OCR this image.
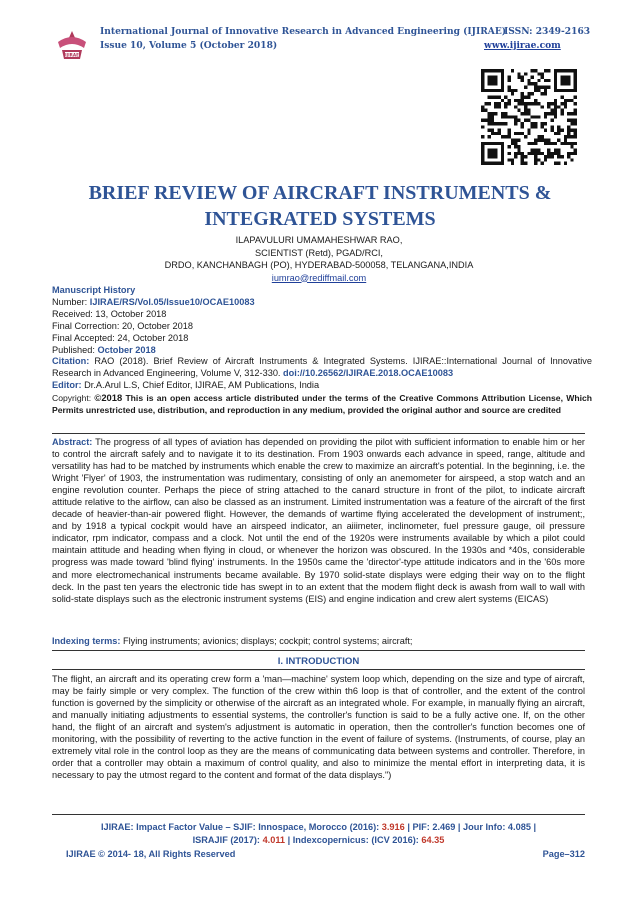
IJIRAE
International Journal of Innovative Research in Advanced Engineering (IJIRAE)
ISSN: 2349-2163
Issue 10, Volume 5 (October 2018)	www.ijirae.com
BRIEF REVIEW OF AIRCRAFT INSTRUMENTS &
INTEGRATED SYSTEMS
ILAPAVULURI UMAMAHESHWAR RAO,
SCIENTIST (Retd), PGAD/RCI,
DRDO, KANCHANBAGH (PO), HYDERABAD-500058, TELANGANA,INDIA
iumrao@rediffmail.com

Manuscript History

Number: IJIRAE/RS/Vol.05/Issue10/OCAE10083

Received: 13, October 2018

Final Correction: 20, October 2018

Final Accepted: 24, October 2018

Published: October 2018

Citation: RAO (2018). Brief Review of Aircraft Instruments & Integrated Systems. IJIRAE::International Journal of Innovative Research in Advanced Engineering, Volume V, 312-330. doi://10.26562/IJIRAE.2018.OCAE10083

Editor: Dr.A.Arul L.S, Chief Editor, IJIRAE, AM Publications, India

Copyright: ©2018 This is an open access article distributed under the terms of the Creative Commons Attribution License, Which Permits unrestricted use, distribution, and reproduction in any medium, provided the original author and source are credited

Abstract: The progress of all types of aviation has depended on providing the pilot with sufficient information to enable him or her to control the aircraft safely and to navigate it to its destination. From 1903 onwards each advance in speed, range, altitude and versatility has had to be matched by instruments which enable the crew to maximize an aircraft's potential. In the beginning, i.e. the Wright 'Flyer' of 1903, the instrumentation was rudimentary, consisting of only an anemometer for airspeed, a stop watch and an engine revolution counter. Perhaps the piece of string attached to the canard structure in front of the pilot, to indicate aircraft attitude relative to the airflow, can also be classed as an instrument. Limited instrumentation was a feature of the aircraft of the first decade of heavier-than-air powered flight. However, the demands of wartime flying accelerated the development of instrument;, and by 1918 a typical cockpit would have an airspeed indicator, an aiiimeter, inclinometer, fuel pressure gauge, oil pressure indicator, rpm indicator, compass and a clock. Not until the end of the 1920s were instruments available by which a pilot could maintain attitude and heading when flying in cloud, or whenever the horizon was obscured. In the 1930s and *40s, considerable progress was made toward 'blind flying' instruments. In the 1950s came the 'director'-type attitude indicators and in the '60s more and more electromechanical instruments became available. By 1970 solid-state displays were edging their way on to the flight deck. In the past ten years the electronic tide has swept in to an extent that the modem flight deck is awash from wall to wall with solid-state displays such as the electronic instrument systems (EIS) and engine indication and crew alert systems (EICAS)
Indexing terms: Flying instruments; avionics; displays; cockpit; control systems; aircraft;
I. INTRODUCTION
The flight, an aircraft and its operating crew form a 'man—machine' system loop which, depending on the size and type of aircraft, may be fairly simple or very complex. The function of the crew within th6 loop is that of controller, and the extent of the control function is governed by the simplicity or otherwise of the aircraft as an integrated whole. For example, in manually flying an aircraft, and manually initiating adjustments to essential systems, the controller's function is said to be a fully active one. If, on the other hand, the flight of an aircraft and system's adjustment is automatic in operation, then the controller's function becomes one of monitoring, with the possibility of reverting to the active function in the event of failure of systems. (Instruments, of course, play an extremely vital role in the control loop as they are the means of communicating data between systems and controller. Therefore, in order that a controller may obtain a maximum of control quality, and also to minimize the mental effort in interpreting data, it is necessary to pay the utmost regard to the content and format of the data displays.")
IJIRAE: Impact Factor Value – SJIF: Innospace, Morocco (2016): 3.916 | PIF: 2.469 | Jour Info: 4.085 |
ISRAJIF (2017): 4.011 | Indexcopernicus: (ICV 2016): 64.35
IJIRAE © 2014- 18, All Rights Reserved	Page–312
